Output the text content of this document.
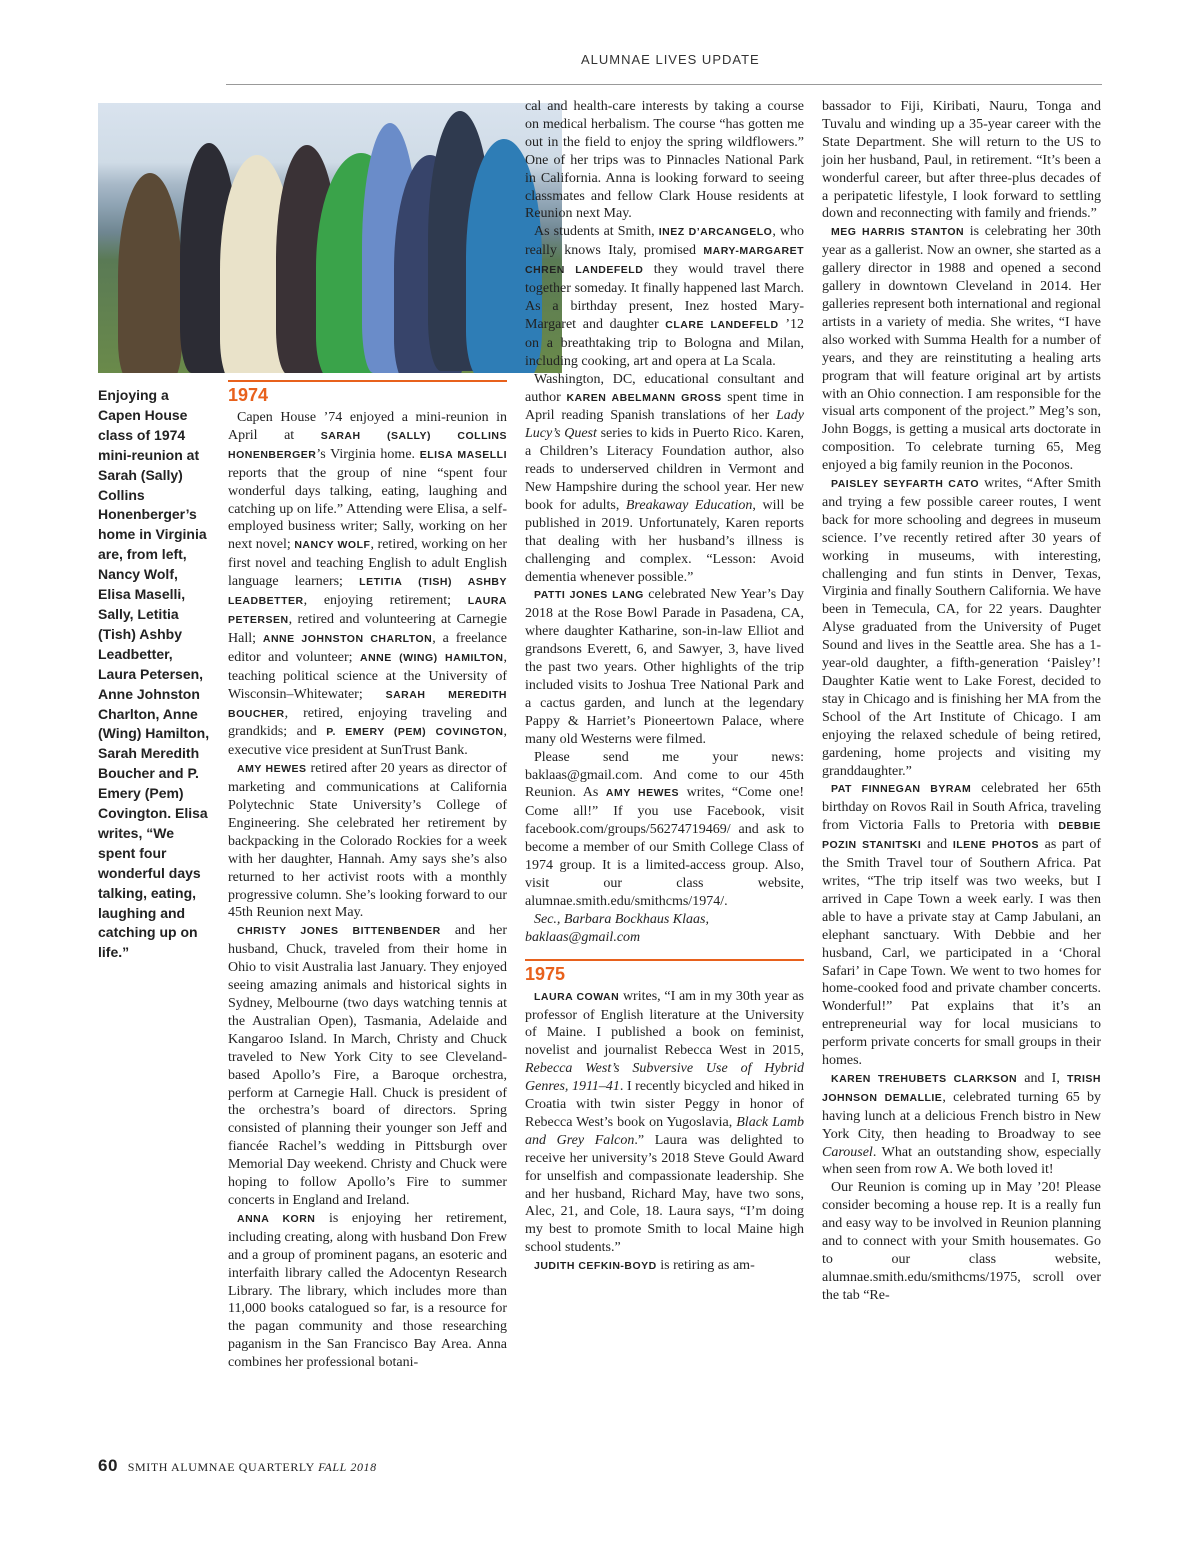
ALUMNAE LIVES UPDATE
Enjoying a Capen House class of 1974 mini-reunion at Sarah (Sally) Collins Honenberger’s home in Virginia are, from left, Nancy Wolf, Elisa Maselli, Sally, Letitia (Tish) Ashby Leadbetter, Laura Petersen, Anne Johnston Charlton, Anne (Wing) Hamilton, Sarah Meredith Boucher and P. Emery (Pem) Covington. Elisa writes, “We spent four wonderful days talking, eating, laughing and catching up on life.”
1974

Capen House ’74 enjoyed a mini-reunion in April at SARAH (SALLY) COLLINS HONENBERGER’s Virginia home. ELISA MASELLI reports that the group of nine “spent four wonderful days talking, eating, laughing and catching up on life.” Attending were Elisa, a self-employed business writer; Sally, working on her next novel; NANCY WOLF, retired, working on her first novel and teaching English to adult English language learners; LETITIA (TISH) ASHBY LEADBETTER, enjoying retirement; LAURA PETERSEN, retired and volunteering at Carnegie Hall; ANNE JOHNSTON CHARLTON, a freelance editor and volunteer; ANNE (WING) HAMILTON, teaching political science at the University of Wisconsin–Whitewater; SARAH MEREDITH BOUCHER, retired, enjoying traveling and grandkids; and P. EMERY (PEM) COVINGTON, executive vice president at SunTrust Bank.

AMY HEWES retired after 20 years as director of marketing and communications at California Polytechnic State University’s College of Engineering. She celebrated her retirement by backpacking in the Colorado Rockies for a week with her daughter, Hannah. Amy says she’s also returned to her activist roots with a monthly progressive column. She’s looking forward to our 45th Reunion next May.

CHRISTY JONES BITTENBENDER and her husband, Chuck, traveled from their home in Ohio to visit Australia last January. They enjoyed seeing amazing animals and historical sights in Sydney, Melbourne (two days watching tennis at the Australian Open), Tasmania, Adelaide and Kangaroo Island. In March, Christy and Chuck traveled to New York City to see Cleveland-based Apollo’s Fire, a Baroque orchestra, perform at Carnegie Hall. Chuck is president of the orchestra’s board of directors. Spring consisted of planning their younger son Jeff and fiancée Rachel’s wedding in Pittsburgh over Memorial Day weekend. Christy and Chuck were hoping to follow Apollo’s Fire to summer concerts in England and Ireland.

ANNA KORN is enjoying her retirement, including creating, along with husband Don Frew and a group of prominent pagans, an esoteric and interfaith library called the Adocentyn Research Library. The library, which includes more than 11,000 books catalogued so far, is a resource for the pagan community and those researching paganism in the San Francisco Bay Area. Anna combines her professional botani-

cal and health-care interests by taking a course on medical herbalism. The course “has gotten me out in the field to enjoy the spring wildflowers.” One of her trips was to Pinnacles National Park in California. Anna is looking forward to seeing classmates and fellow Clark House residents at Reunion next May.

As students at Smith, INEZ D’ARCANGELO, who really knows Italy, promised MARY-MARGARET CHREN LANDEFELD they would travel there together someday. It finally happened last March. As a birthday present, Inez hosted Mary-Margaret and daughter CLARE LANDEFELD ’12 on a breathtaking trip to Bologna and Milan, including cooking, art and opera at La Scala.

Washington, DC, educational consultant and author KAREN ABELMANN GROSS spent time in April reading Spanish translations of her Lady Lucy’s Quest series to kids in Puerto Rico. Karen, a Children’s Literacy Foundation author, also reads to underserved children in Vermont and New Hampshire during the school year. Her new book for adults, Breakaway Education, will be published in 2019. Unfortunately, Karen reports that dealing with her husband’s illness is challenging and complex. “Lesson: Avoid dementia whenever possible.”

PATTI JONES LANG celebrated New Year’s Day 2018 at the Rose Bowl Parade in Pasadena, CA, where daughter Katharine, son-in-law Elliot and grandsons Everett, 6, and Sawyer, 3, have lived the past two years. Other highlights of the trip included visits to Joshua Tree National Park and a cactus garden, and lunch at the legendary Pappy & Harriet’s Pioneertown Palace, where many old Westerns were filmed.

Please send me your news: baklaas@gmail.com. And come to our 45th Reunion. As AMY HEWES writes, “Come one! Come all!” If you use Facebook, visit facebook.com/groups/56274719469/ and ask to become a member of our Smith College Class of 1974 group. It is a limited-access group. Also, visit our class website, alumnae.smith.edu/smithcms/1974/.

Sec., Barbara Bockhaus Klaas,

baklaas@gmail.com

1975

LAURA COWAN writes, “I am in my 30th year as professor of English literature at the University of Maine. I published a book on feminist, novelist and journalist Rebecca West in 2015, Rebecca West’s Subversive Use of Hybrid Genres, 1911–41. I recently bicycled and hiked in Croatia with twin sister Peggy in honor of Rebecca West’s book on Yugoslavia, Black Lamb and Grey Falcon.” Laura was delighted to receive her university’s 2018 Steve Gould Award for unselfish and compassionate leadership. She and her husband, Richard May, have two sons, Alec, 21, and Cole, 18. Laura says, “I’m doing my best to promote Smith to local Maine high school students.”

JUDITH CEFKIN-BOYD is retiring as am-

bassador to Fiji, Kiribati, Nauru, Tonga and Tuvalu and winding up a 35-year career with the State Department. She will return to the US to join her husband, Paul, in retirement. “It’s been a wonderful career, but after three-plus decades of a peripatetic lifestyle, I look forward to settling down and reconnecting with family and friends.”

MEG HARRIS STANTON is celebrating her 30th year as a gallerist. Now an owner, she started as a gallery director in 1988 and opened a second gallery in downtown Cleveland in 2014. Her galleries represent both international and regional artists in a variety of media. She writes, “I have also worked with Summa Health for a number of years, and they are reinstituting a healing arts program that will feature original art by artists with an Ohio connection. I am responsible for the visual arts component of the project.” Meg’s son, John Boggs, is getting a musical arts doctorate in composition. To celebrate turning 65, Meg enjoyed a big family reunion in the Poconos.

PAISLEY SEYFARTH CATO writes, “After Smith and trying a few possible career routes, I went back for more schooling and degrees in museum science. I’ve recently retired after 30 years of working in museums, with interesting, challenging and fun stints in Denver, Texas, Virginia and finally Southern California. We have been in Temecula, CA, for 22 years. Daughter Alyse graduated from the University of Puget Sound and lives in the Seattle area. She has a 1-year-old daughter, a fifth-generation ‘Paisley’! Daughter Katie went to Lake Forest, decided to stay in Chicago and is finishing her MA from the School of the Art Institute of Chicago. I am enjoying the relaxed schedule of being retired, gardening, home projects and visiting my granddaughter.”

PAT FINNEGAN BYRAM celebrated her 65th birthday on Rovos Rail in South Africa, traveling from Victoria Falls to Pretoria with DEBBIE POZIN STANITSKI and ILENE PHOTOS as part of the Smith Travel tour of Southern Africa. Pat writes, “The trip itself was two weeks, but I arrived in Cape Town a week early. I was then able to have a private stay at Camp Jabulani, an elephant sanctuary. With Debbie and her husband, Carl, we participated in a ‘Choral Safari’ in Cape Town. We went to two homes for home-cooked food and private chamber concerts. Wonderful!” Pat explains that it’s an entrepreneurial way for local musicians to perform private concerts for small groups in their homes.

KAREN TREHUBETS CLARKSON and I, TRISH JOHNSON DEMALLIE, celebrated turning 65 by having lunch at a delicious French bistro in New York City, then heading to Broadway to see Carousel. What an outstanding show, especially when seen from row A. We both loved it!

Our Reunion is coming up in May ’20! Please consider becoming a house rep. It is a really fun and easy way to be involved in Reunion planning and to connect with your Smith housemates. Go to our class website, alumnae.smith.edu/smithcms/1975, scroll over the tab “Re-

60 SMITH ALUMNAE QUARTERLY FALL 2018
